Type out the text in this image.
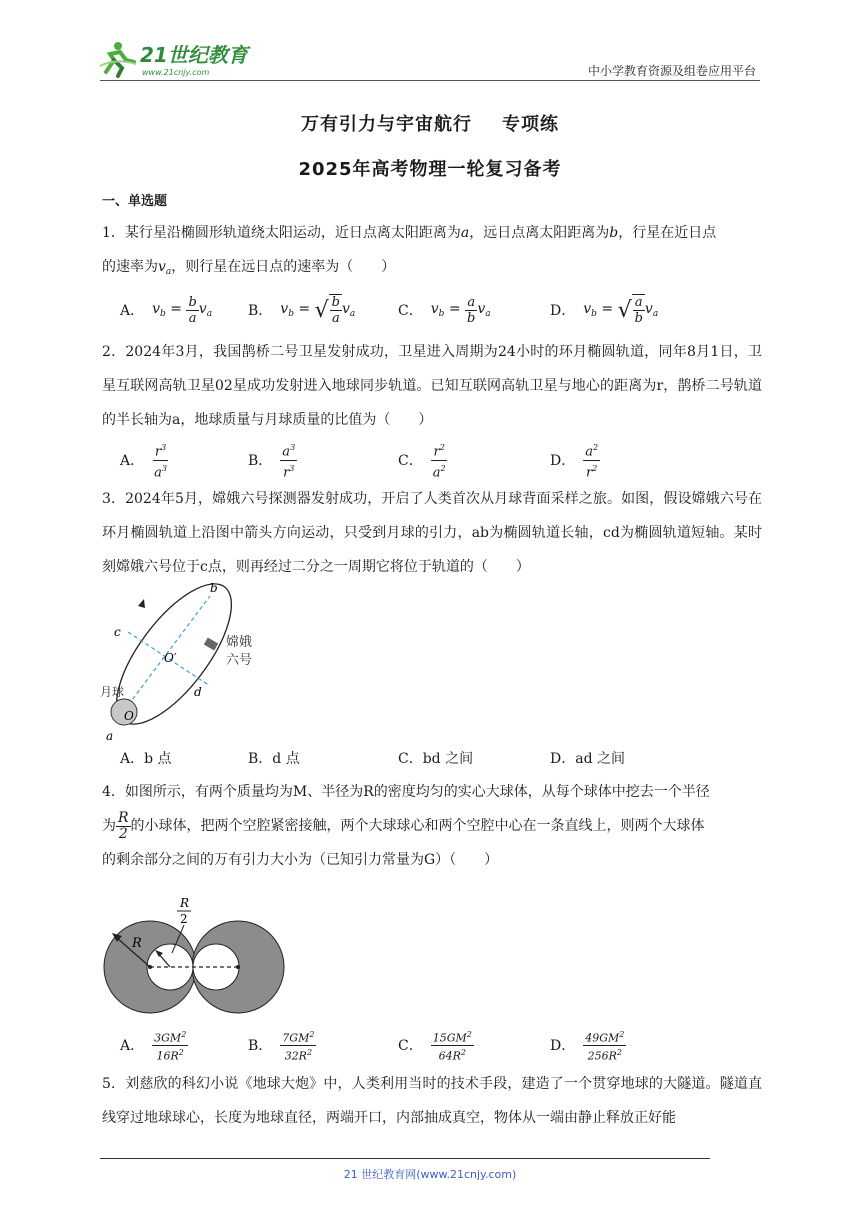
21世纪教育
www.21cnjy.com	中小学教育资源及组卷应用平台
万有引力与宇宙航行 专项练
2025年高考物理一轮复习备考
一、单选题
1．某行星沿椭圆形轨道绕太阳运动，近日点离太阳距离为a，远日点离太阳距离为b，行星在近日点
的速率为$v_a$，则行星在远日点的速率为（　　）
A． $v_b = \frac{b}{a} v_a$	B． $v_b$ = √ $\frac{b}{a} v_a$	C． $v_b = \frac{a}{b} v_a$	D． $v_b$ = √ $\frac{a}{b} v_a$
2．2024年3月，我国鹊桥二号卫星发射成功，卫星进入周期为24小时的环月椭圆轨道，同年8月1日，卫星互联网高轨卫星02星成功发射进入地球同步轨道。已知互联网高轨卫星与地心的距离为r，鹊桥二号轨道的半长轴为a，地球质量与月球质量的比值为（　　）
A． $\frac{r^3}{a^3}$	B． $\frac{a^3}{r^3}$	C． $\frac{r^2}{a^2}$	D． $\frac{a^2}{r^2}$
3．2024年5月，嫦娥六号探测器发射成功，开启了人类首次从月球背面采样之旅。如图，假设嫦娥六号在环月椭圆轨道上沿图中箭头方向运动，只受到月球的引力，ab为椭圆轨道长轴，cd为椭圆轨道短轴。某时刻嫦娥六号位于c点，则再经过二分之一周期它将位于轨道的（　　）
b
c
d
a
O′
O
月球
嫦娥
六号
A．b 点	B．d 点	C．bd 之间	D．ad 之间
4．如图所示，有两个质量均为M、半径为R的密度均匀的实心大球体，从每个球体中挖去一个半径
为 $\frac{R}{2}$ 的小球体，把两个空腔紧密接触，两个大球球心和两个空腔中心在一条直线上，则两个大球体
的剩余部分之间的万有引力大小为（已知引力常量为G）（　　）
R
R
2
A． $\frac{3GM^2}{16R^2}$	B． $\frac{7GM^2}{32R^2}$	C． $\frac{15GM^2}{64R^2}$	D． $\frac{49GM^2}{256R^2}$
5．刘慈欣的科幻小说《地球大炮》中，人类利用当时的技术手段，建造了一个贯穿地球的大隧道。隧道直线穿过地球球心，长度为地球直径，两端开口，内部抽成真空，物体从一端由静止释放正好能
21 世纪教育网(www.21cnjy.com)
